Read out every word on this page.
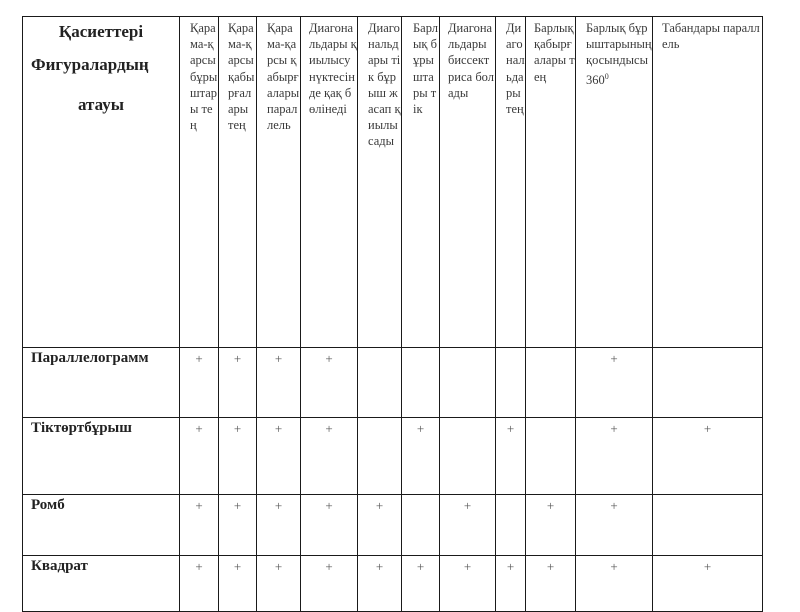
Қасиеттері
Фигуралардың
атауы	Қарама-қарсы бұрыштары тең	Қарама-қарсы қабырғалары тең	Қарама-қарсы қабырғалары параллель	Диагональдары қиылысу нүктесінде қақ бөлінеді	Диагональдары тік бұрыш жасап қиылысады	Барлық бұрыштары тік	Диагональдары биссектриса болады	Диагональдары тең	Барлық қабырғалары тең	Барлық бұрыштарының қосындысы $360^0$	Табандары параллель

Параллелограмм	+	+	+	+						+	
Тіктөртбұрыш	+	+	+	+		+		+		+	+
Ромб	+	+	+	+	+		+		+	+	
Квадрат	+	+	+	+	+	+	+	+	+	+	+
